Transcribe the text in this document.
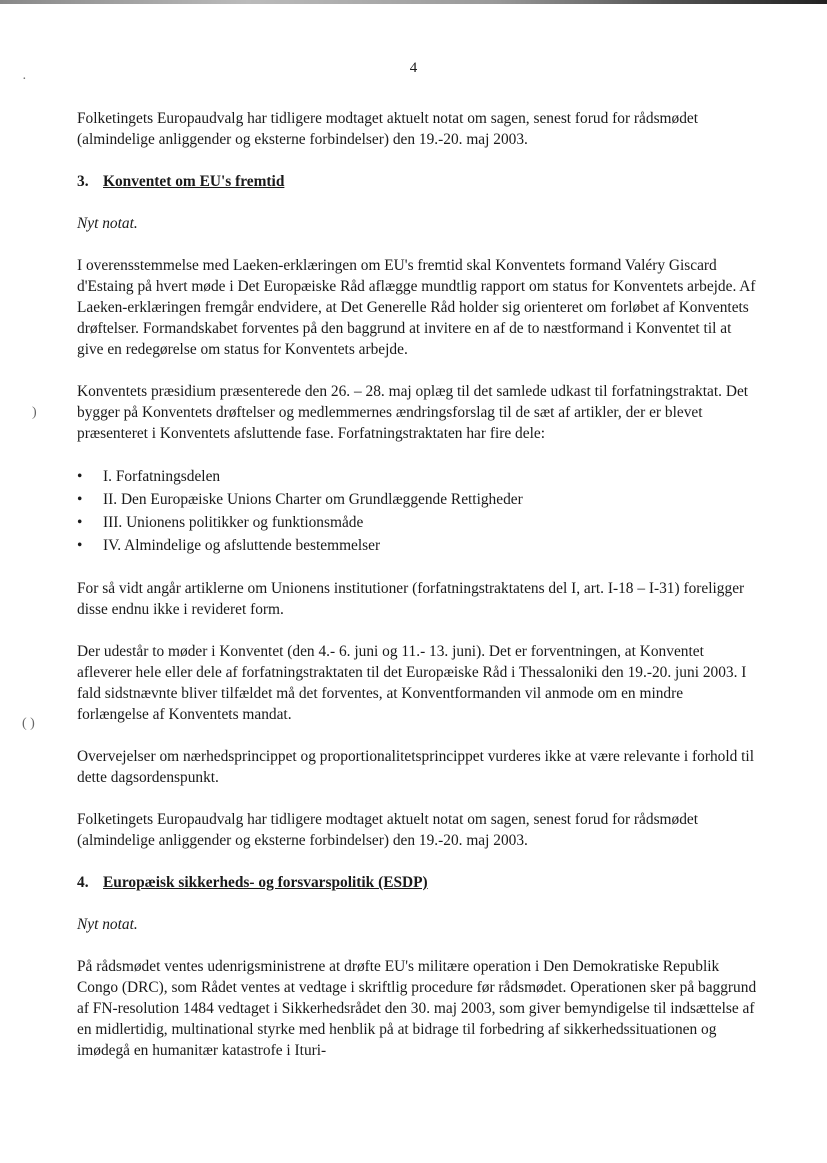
·
)
( )
4

Folketingets Europaudvalg har tidligere modtaget aktuelt notat om sagen, senest forud for rådsmødet (almindelige anliggender og eksterne forbindelser) den 19.-20. maj 2003.

3. Konventet om EU's fremtid

Nyt notat.

I overensstemmelse med Laeken-erklæringen om EU's fremtid skal Konventets formand Valéry Giscard d'Estaing på hvert møde i Det Europæiske Råd aflægge mundtlig rapport om status for Konventets arbejde. Af Laeken-erklæringen fremgår endvidere, at Det Generelle Råd holder sig orienteret om forløbet af Konventets drøftelser. Formandskabet forventes på den baggrund at invitere en af de to næstformand i Konventet til at give en redegørelse om status for Konventets arbejde.

Konventets præsidium præsenterede den 26. – 28. maj oplæg til det samlede udkast til forfatningstraktat. Det bygger på Konventets drøftelser og medlemmernes ændringsforslag til de sæt af artikler, der er blevet præsenteret i Konventets afsluttende fase. Forfatningstraktaten har fire dele:

• I. Forfatningsdelen
• II. Den Europæiske Unions Charter om Grundlæggende Rettigheder
• III. Unionens politikker og funktionsmåde
• IV. Almindelige og afsluttende bestemmelser

For så vidt angår artiklerne om Unionens institutioner (forfatningstraktatens del I, art. I-18 – I-31) foreligger disse endnu ikke i revideret form.

Der udestår to møder i Konventet (den 4.- 6. juni og 11.- 13. juni). Det er forventningen, at Konventet afleverer hele eller dele af forfatningstraktaten til det Europæiske Råd i Thessaloniki den 19.-20. juni 2003. I fald sidstnævnte bliver tilfældet må det forventes, at Konventformanden vil anmode om en mindre forlængelse af Konventets mandat.

Overvejelser om nærhedsprincippet og proportionalitetsprincippet vurderes ikke at være relevante i forhold til dette dagsordenspunkt.

Folketingets Europaudvalg har tidligere modtaget aktuelt notat om sagen, senest forud for rådsmødet (almindelige anliggender og eksterne forbindelser) den 19.-20. maj 2003.

4. Europæisk sikkerheds- og forsvarspolitik (ESDP)

Nyt notat.

På rådsmødet ventes udenrigsministrene at drøfte EU's militære operation i Den Demokratiske Republik Congo (DRC), som Rådet ventes at vedtage i skriftlig procedure før rådsmødet. Operationen sker på baggrund af FN-resolution 1484 vedtaget i Sikkerhedsrådet den 30. maj 2003, som giver bemyndigelse til indsættelse af en midlertidig, multinational styrke med henblik på at bidrage til forbedring af sikkerhedssituationen og imødegå en humanitær katastrofe i Ituri-
